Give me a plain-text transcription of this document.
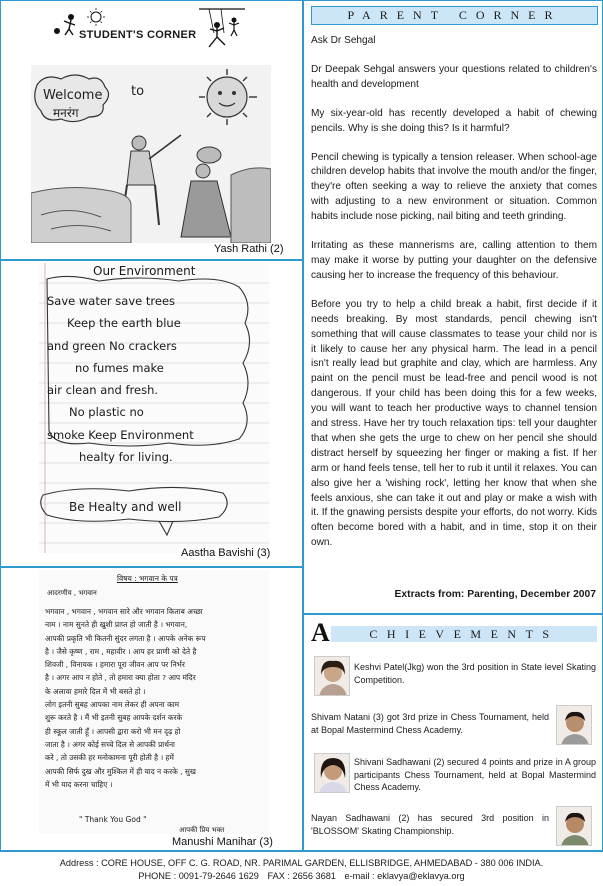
STUDENT'S CORNER
Welcome to
मनरंग
Yash Rathi (2)
Our Environment
Save water save trees
Keep the earth blue
and green No crackers
no fumes make
air clean and fresh.
No plastic no
smoke Keep Environment
healty for living.
Be Healty and well
Aastha Bavishi (3)
विषय : भगवान के पत्र
आदरणीय , भगवान
भगवान , भगवान , भगवान सारे और भगवान किताब अच्छा
नाम । नाम सुनते ही खुशी प्राप्त हो जाती है । भगवान,
आपकी प्रकृति भी कितनी सुंदर लगता है । आपके अनेक रूप
है । जैसे कृष्ण , राम , महावीर । आप हर प्राणी को देते है
शिवजी , विनायक । हमारा पूरा जीवन आप पर निर्भर
है । अगर आप न होते , तो हमारा क्या होता ? आप मंदिर
के अलावा हमारे दिल में भी बसते हो ।
लोग इतनी सुबह आपका नाम लेकर ही अपना काम
शुरू करते है । मैं भी इतनी सुबह आपके दर्शन करके
ही स्कूल जाती हूँ । आपसी द्वारा करो भी मन दृढ़ हो
जाता है । अगर कोई सच्चे दिल से आपकी प्रार्थना
करे , तो उसकी हर मनोकामना पूरी होती है । हमें
आपकी सिर्फ दुख और मुश्किल में ही याद न करके , सुख
में भी याद करना चाहिए ।
" Thank You God "
आपकी प्रिय भक्त
Manushi Manihar (3)
PARENT CORNER

Ask Dr Sehgal

Dr Deepak Sehgal answers your questions related to children's health and development

My six-year-old has recently developed a habit of chewing pencils. Why is she doing this? Is it harmful?

Pencil chewing is typically a tension releaser. When school-age children develop habits that involve the mouth and/or the finger, they're often seeking a way to relieve the anxiety that comes with adjusting to a new environment or situation. Common habits include nose picking, nail biting and teeth grinding.

Irritating as these mannerisms are, calling attention to them may make it worse by putting your daughter on the defensive causing her to increase the frequency of this behaviour.

Before you try to help a child break a habit, first decide if it needs breaking. By most standards, pencil chewing isn't something that will cause classmates to tease your child nor is it likely to cause her any physical harm. The lead in a pencil isn't really lead but graphite and clay, which are harmless. Any paint on the pencil must be lead-free and pencil wood is not dangerous. If your child has been doing this for a few weeks, you will want to teach her productive ways to channel tension and stress. Have her try touch relaxation tips: tell your daughter that when she gets the urge to chew on her pencil she should distract herself by squeezing her finger or making a fist. If her arm or hand feels tense, tell her to rub it until it relaxes. You can also give her a 'wishing rock', letting her know that when she feels anxious, she can take it out and play or make a wish with it. If the gnawing persists despite your efforts, do not worry. Kids often become bored with a habit, and in time, stop it on their own.

Extracts from: Parenting, December 2007
A	CHIEVEMENTS
Keshvi Patel(Jkg) won the 3rd position in State level Skating Competition.
Shivam Natani (3) got 3rd prize in Chess Tournament, held at Bopal Mastermind Chess Academy.
Shivani Sadhawani (2) secured 4 points and prize in A group participants Chess Tournament, held at Bopal Mastermind Chess Academy.
Nayan Sadhawani (2) has secured 3rd position in 'BLOSSOM' Skating Championship.
Address : CORE HOUSE, OFF C. G. ROAD, NR. PARIMAL GARDEN, ELLISBRIDGE, AHMEDABAD - 380 006 INDIA.
PHONE : 0091-79-2646 1629 FAX : 2656 3681 e-mail : eklavya@eklavya.org
